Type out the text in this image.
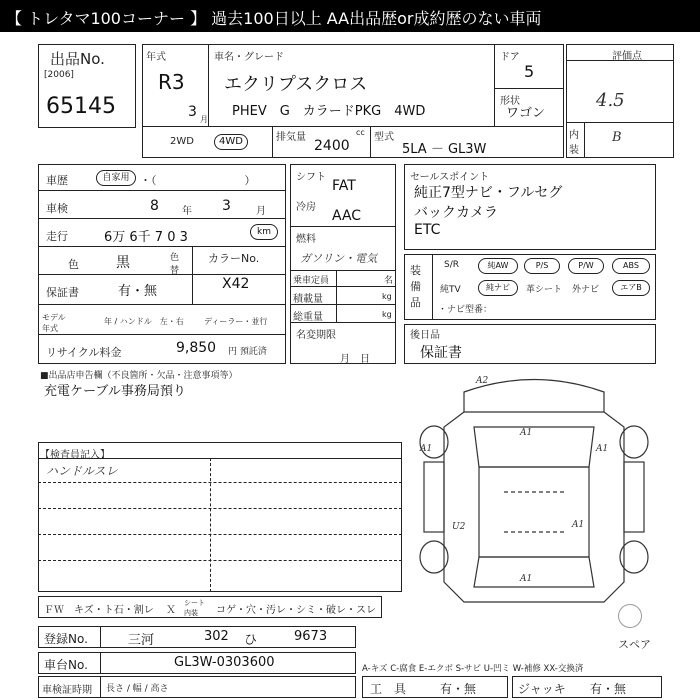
【 トレタマ100コーナー 】 過去100日以上 AA出品歴or成約歴のない車両
出品No.
[2006]
65145
年式
R3
3 月
車名・グレード
エクリプスクロス
PHEV　G　カラードPKG　4WD
ドア
5
形状
ワゴン
2WD	4WD	排気量	cc
2400
型式
5LA － GL3W
評価点
4.5
内装
B
車歴	自家用 ・（　　　　　　　　）
車検	8 年 3	月
走行	6万 6千 7 0 3	km
色	黒	色替
カラーNo.
X42
保証書	有・無
モデル年式
年 / ハンドル　左・右	ディーラー・並行
リサイクル料金	9,850 円 預託済
シフト
FAT
冷房
AAC
燃料
ガソリン・電気
乗車定員	名
積載量	kg
総重量	kg
名変期限
月　日
セールスポイント
純正7型ナビ・フルセグ
バックカメラ
ETC
装備品
S/R	純AW	P/S	P/W	ABS
純TV	純ナビ	革シート 外ナビ	エアB
・ナビ型番：
後日品
保証書
■出品店申告欄（不良箇所・欠品・注意事項等）
充電ケーブル事務局預り
【検査員記入】
ハンドルスレ
A2
A1
A1	A1
A1
U2
A1
スペア
ＦＷ キズ・ト石・割レ Ｘ
シート内装	コゲ・穴・汚レ・シミ・破レ・スレ
登録No.	三河	302 ひ	9673
車台No.	GL3W-0303600
車検証時期 長さ / 幅 / 高さ
A-キズ C-腐食 E-エクボ S-サビ U-凹ミ W-補修 XX-交換済
工　具	有・無	ジャッキ 有・無
